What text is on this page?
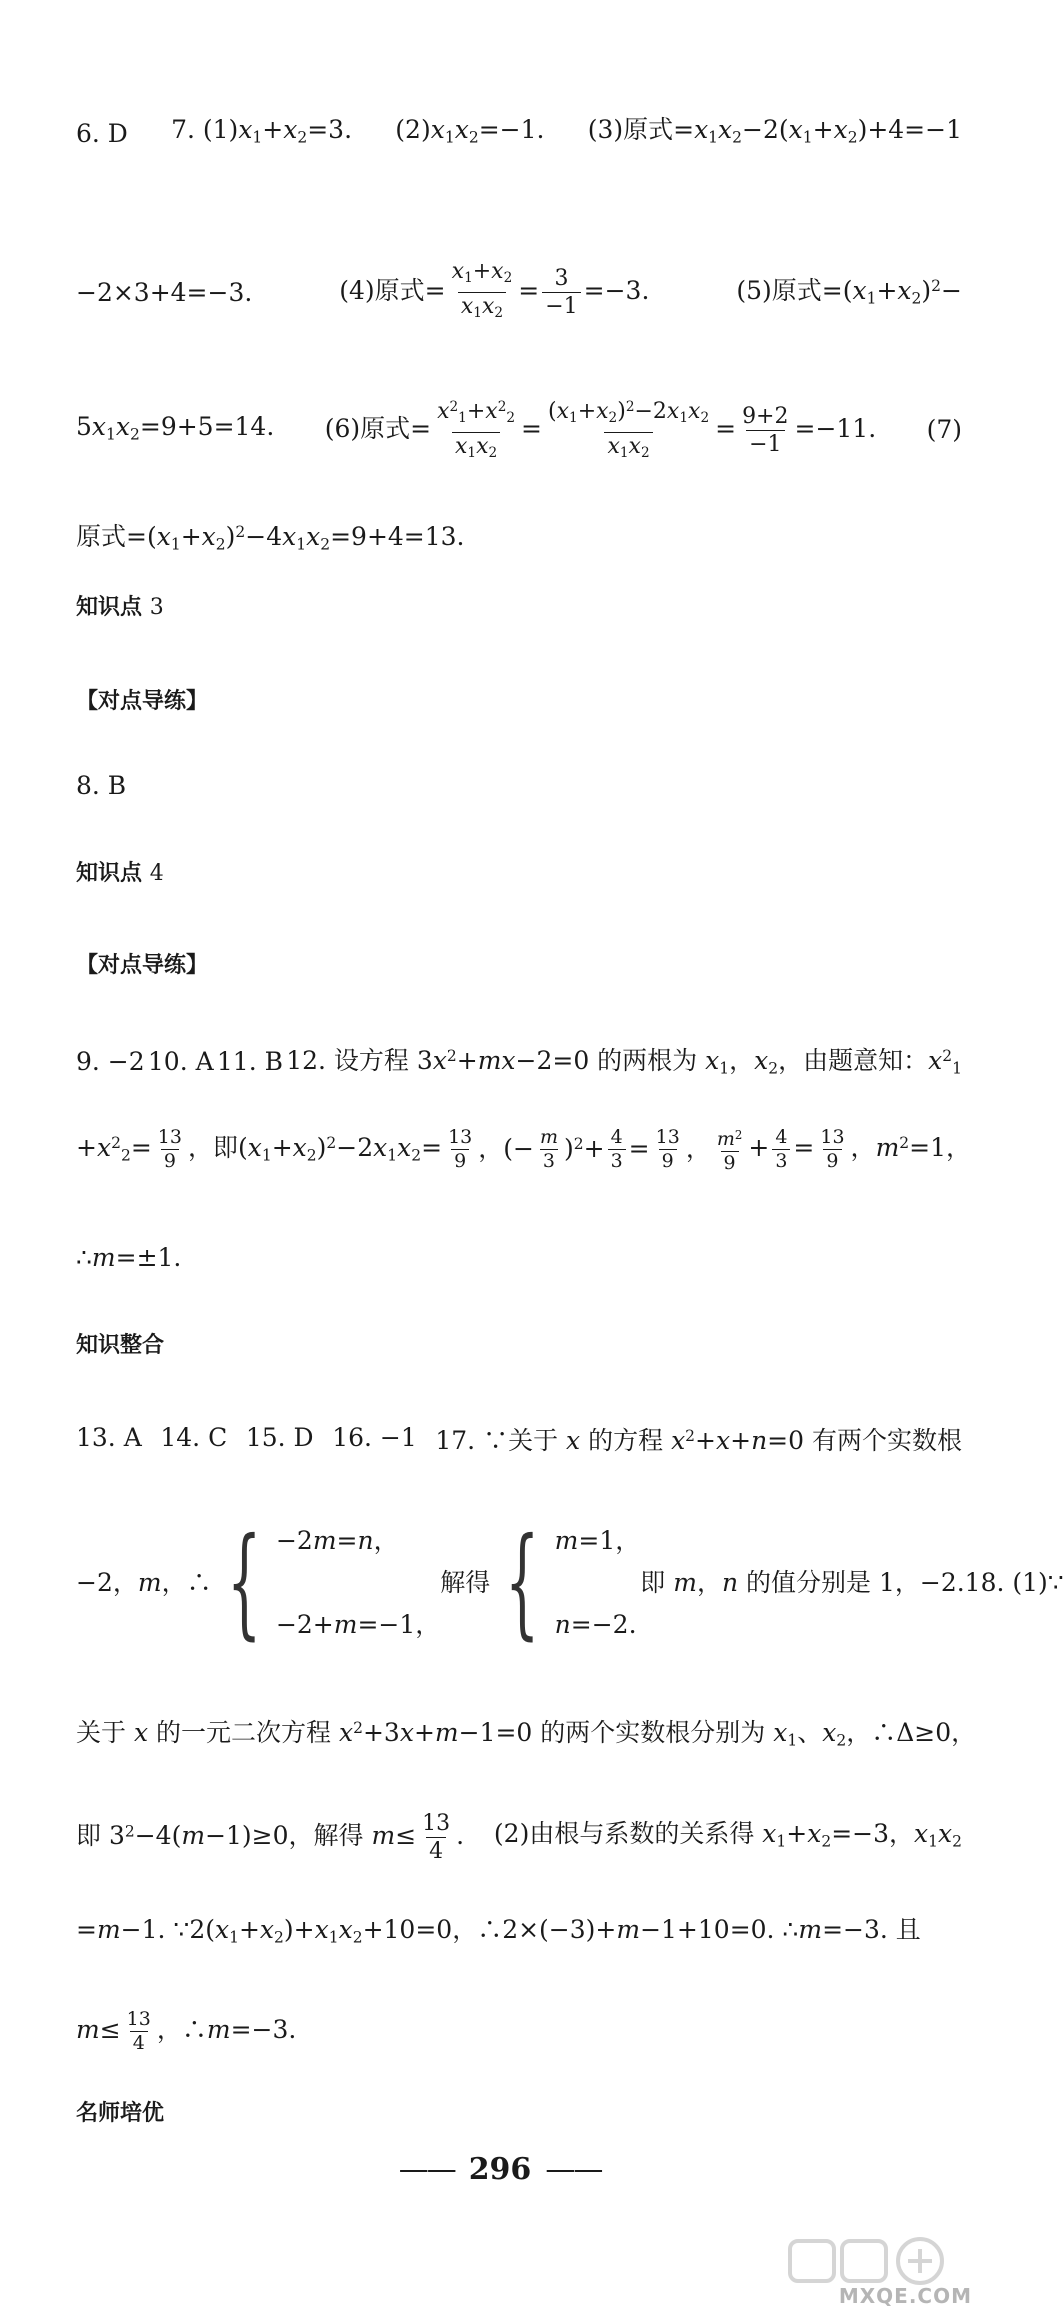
6. D 7. $(1)x_1+x_2=3$. $(2)x_1x_2=-1$. (3)原式$=x_1x_2-2(x_1+x_2)+4=-1$
−2×3+4=−3.	(4)原式= $\frac{x_1+x_2}{x_1x_2} = \frac{3}{-1} =-3$.	(5)原式$=(x_1+x_2)^2-$
$5x_1x_2=9+5=14$. (6)原式= $\frac{x^2_1+x^2_2}{x_1x_2} = \frac{(x_1+x_2)^2-2x_1x_2}{x_1x_2} = \frac{9+2}{-1} =-11$. (7)
原式$=(x_1+x_2)^2-4x_1x_2=9+4=13$.
知识点 3
【对点导练】
8. B
知识点 4
【对点导练】
9. −2 10. A 11. B 12. 设方程 $3x^2+mx-2=0$ 的两根为 $x_1$，$x_2$，由题意知：$x^2_1$
$+x^2_2= \frac{13}{9}$ ，即$(x_1+x_2)^2-2x_1x_2= \frac{13}{9}$ ，(− $\frac{m}{3} )^2+ \frac{4}{3} = \frac{13}{9}$ ， $\frac{m^2}{9} + \frac{4}{3} = \frac{13}{9}$ ，$m^2=1$，
∴m=±1.
知识整合
13. A 14. C 15. D 16. −1 17. ∵关于 x 的方程 $x^2+x+n=0$ 有两个实数根
−2，m，∴ { −2m=n，
−2+m=−1，
解得 { m=1，
n=−2.
即 m，n 的值分别是 1，−2. 18. (1)∵
关于 x 的一元二次方程 $x^2+3x+m-1=0$ 的两个实数根分别为 $x_1$、$x_2$，∴Δ≥0，
即 $3^2-4(m-1)\ge 0$，解得 $m\le \frac{13}{4}$ . (2)由根与系数的关系得 $x_1+x_2=-3$，$x_1x_2$
=m−1. $\because 2(x_1+x_2)+x_1x_2+10=0$，∴2×(−3)+m−1+10=0. ∴m=−3. 且
$m\le \frac{13}{4}$ ，∴m=−3.
名师培优
—— 296 ——
MXQE.COM
